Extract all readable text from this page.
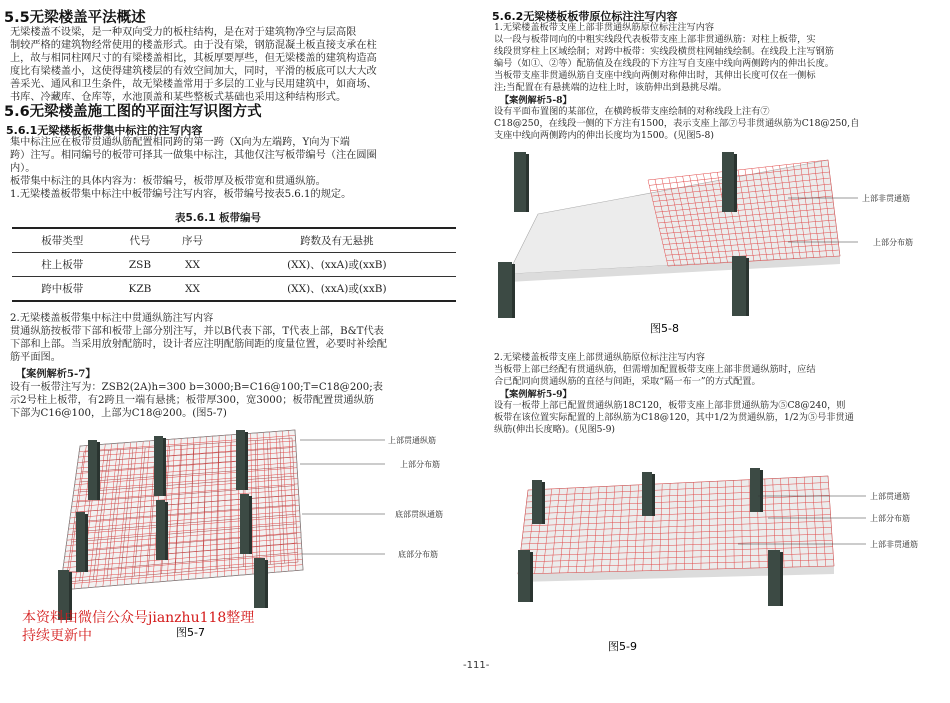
5.5无梁楼盖平法概述
无梁楼盖不设梁，是一种双向受力的板柱结构，是在对于建筑物净空与层高限
制较严格的建筑物经常使用的楼盖形式。由于没有梁，钢筋混凝土板直接支承在柱
上，故与相同柱网尺寸的有梁楼盖相比，其板厚要厚些，但无梁楼盖的建筑构造高
度比有梁楼盖小，这使得建筑楼层的有效空间加大，同时，平滑的板底可以大大改
善采光、通风和卫生条件，故无梁楼盖常用于多层的工业与民用建筑中，如商场、
书库、冷藏库、仓库等，水池顶盖和某些整板式基础也采用这种结构形式。
5.6无梁楼盖施工图的平面注写识图方式
5.6.1无梁楼板板带集中标注的注写内容
集中标注应在板带贯通纵筋配置相同跨的第一跨（X向为左端跨，Y向为下端
跨）注写。相同编号的板带可择其一做集中标注，其他仅注写板带编号（注在圆圈
内）。
板带集中标注的具体内容为：板带编号，板带厚及板带宽和贯通纵筋。
1.无梁楼盖板带集中标注中板带编号注写内容，板带编号按表5.6.1的规定。
表5.6.1 板带编号
板带类型	代号	序号	跨数及有无悬挑
柱上板带	ZSB	XX	(XX)、(xxA)或(xxB)
跨中板带	KZB	XX	(XX)、(xxA)或(xxB)
2.无梁楼盖板带集中标注中贯通纵筋注写内容
贯通纵筋按板带下部和板带上部分别注写，并以B代表下部，T代表上部，B&T代表
下部和上部。当采用放射配筋时，设计者应注明配筋间距的度量位置，必要时补绘配
筋平面图。
【案例解析5-7】
设有一板带注写为：ZSB2(2A)h=300 b=3000;B=C16@100;T=C18@200;表
示2号柱上板带，有2跨且一端有悬挑；板带厚300，宽3000；板带配置贯通纵筋
下部为C16@100，上部为C18@200。(图5-7)
上部贯通纵筋
上部分布筋
底部贯纵通筋
底部分布筋
图5-7
本资料由微信公众号jianzhu118整理
持续更新中
5.6.2无梁楼板板带原位标注注写内容
1.无梁楼盖板带支座上部非贯通纵筋原位标注注写内容
以一段与板带同向的中粗实线段代表板带支座上部非贯通纵筋：对柱上板带，实
线段贯穿柱上区域绘制；对跨中板带：实线段横贯柱网轴线绘制。在线段上注写钢筋
编号（如①、②等）配筋值及在线段的下方注写自支座中线向两侧跨内的伸出长度。
当板带支座非贯通纵筋自支座中线向两侧对称伸出时，其伸出长度可仅在一侧标
注;当配置在有悬挑端的边柱上时，该筋伸出到悬挑尽端。
【案例解析5-8】
设有平面布置图的某部位，在横跨板带支座绘制的对称线段上注有⑦
C18@250，在线段一侧的下方注有1500，表示支座上部⑦号非贯通纵筋为C18@250,自
支座中线向两侧跨内的伸出长度均为1500。(见图5-8)
上部非贯通筋
上部分布筋
图5-8
2.无梁楼盖板带支座上部贯通纵筋原位标注注写内容
当板带上部已经配有贯通纵筋，但需增加配置板带支座上部非贯通纵筋时，应结
合已配同向贯通纵筋的直径与间距，采取“隔一布一”的方式配置。
【案例解析5-9】
设有一板带上部已配置贯通纵筋18C120，板带支座上部非贯通纵筋为⑤C8@240，则
板带在该位置实际配置的上部纵筋为C18@120，其中1/2为贯通纵筋，1/2为⑤号非贯通
纵筋(伸出长度略)。(见图5-9)
上部贯通筋
上部分布筋
上部非贯通筋
图5-9
-111-
